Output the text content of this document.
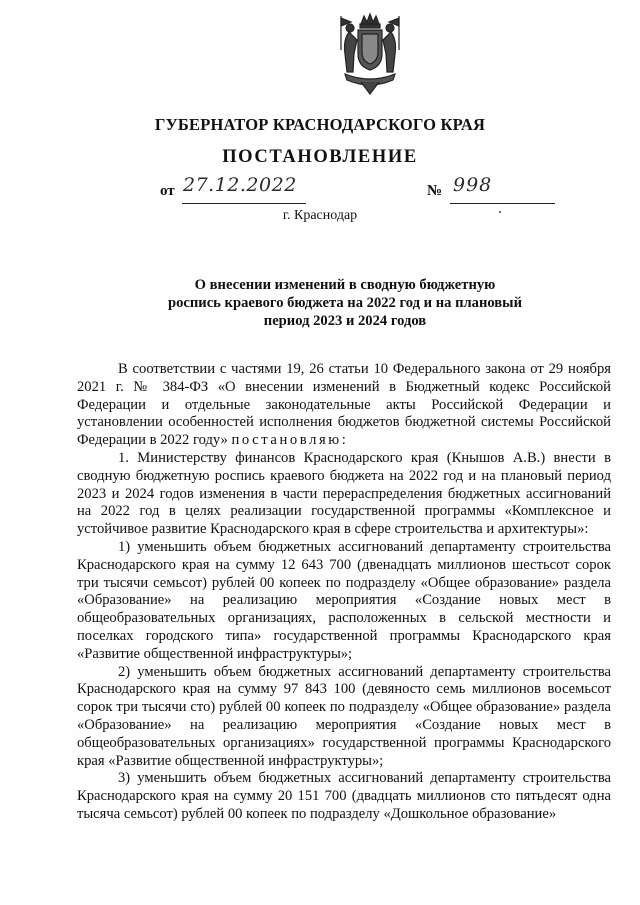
ГУБЕРНАТОР КРАСНОДАРСКОГО КРАЯ
ПОСТАНОВЛЕНИЕ
от 27.12.2022	№ 998
г. Краснодар
О внесении изменений в сводную бюджетную
роспись краевого бюджета на 2022 год и на плановый
период 2023 и 2024 годов

В соответствии с частями 19, 26 статьи 10 Федерального закона от 29 ноября 2021 г. № 384-ФЗ «О внесении изменений в Бюджетный кодекс Российской Федерации и отдельные законодательные акты Российской Федерации и установлении особенностей исполнения бюджетов бюджетной системы Российской Федерации в 2022 году» постановляю:

1. Министерству финансов Краснодарского края (Кнышов А.В.) внести в сводную бюджетную роспись краевого бюджета на 2022 год и на плановый период 2023 и 2024 годов изменения в части перераспределения бюджетных ассигнований на 2022 год в целях реализации государственной программы «Комплексное и устойчивое развитие Краснодарского края в сфере строительства и архитектуры»:

1) уменьшить объем бюджетных ассигнований департаменту строительства Краснодарского края на сумму 12 643 700 (двенадцать миллионов шестьсот сорок три тысячи семьсот) рублей 00 копеек по подразделу «Общее образование» раздела «Образование» на реализацию мероприятия «Создание новых мест в общеобразовательных организациях, расположенных в сельской местности и поселках городского типа» государственной программы Краснодарского края «Развитие общественной инфраструктуры»;

2) уменьшить объем бюджетных ассигнований департаменту строительства Краснодарского края на сумму 97 843 100 (девяносто семь миллионов восемьсот сорок три тысячи сто) рублей 00 копеек по подразделу «Общее образование» раздела «Образование» на реализацию мероприятия «Создание новых мест в общеобразовательных организациях» государственной программы Краснодарского края «Развитие общественной инфраструктуры»;

3) уменьшить объем бюджетных ассигнований департаменту строительства Краснодарского края на сумму 20 151 700 (двадцать миллионов сто пятьдесят одна тысяча семьсот) рублей 00 копеек по подразделу «Дошкольное образование»
